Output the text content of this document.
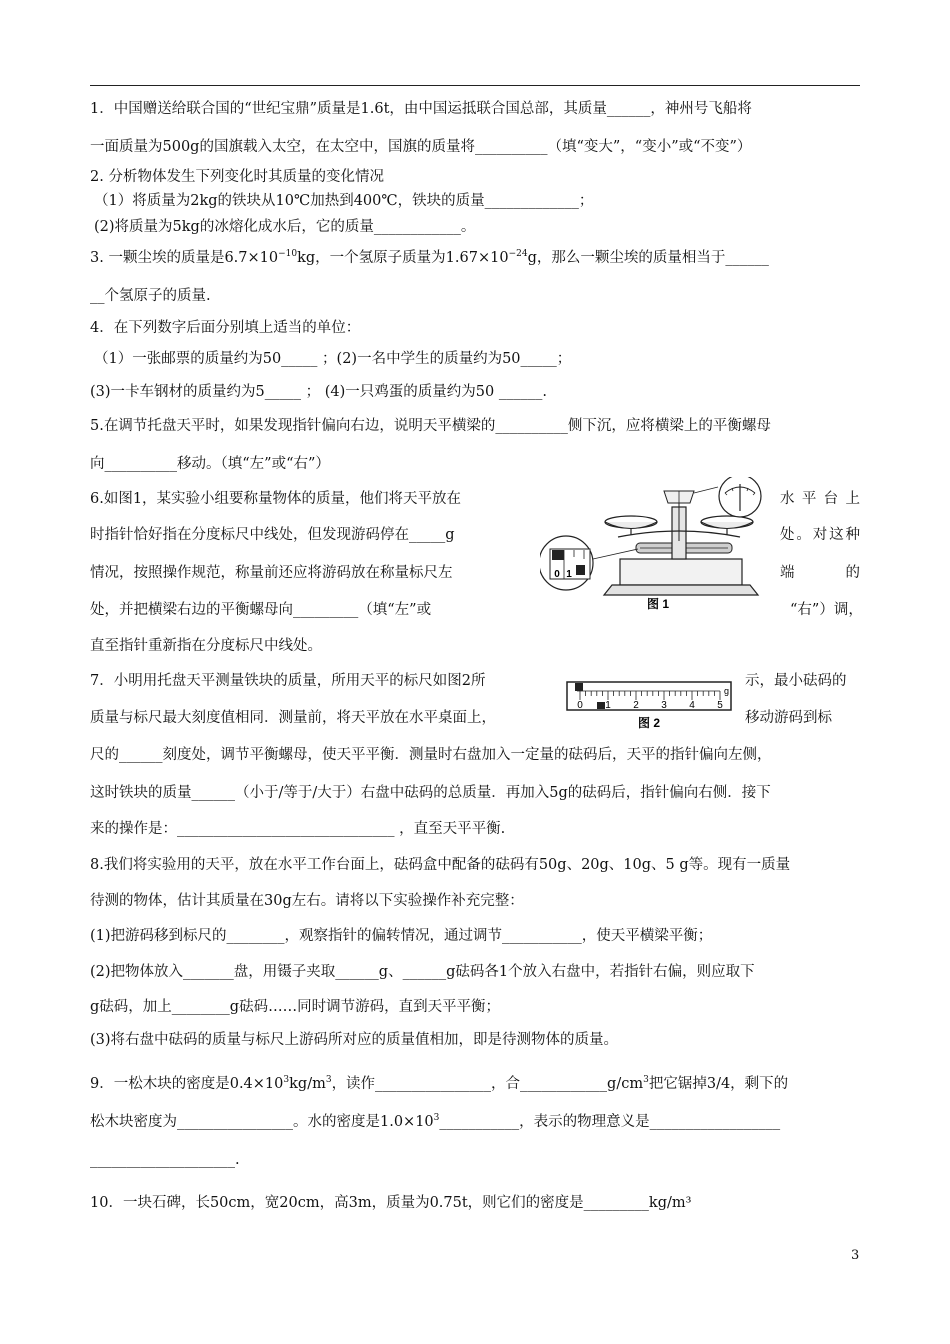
1．中国赠送给联合国的“世纪宝鼎”质量是1.6t，由中国运抵联合国总部，其质量______，神州号飞船将
一面质量为500g的国旗载入太空，在太空中，国旗的质量将__________（填“变大”，“变小”或“不变”）
2. 分析物体发生下列变化时其质量的变化情况
（1）将质量为2kg的铁块从10℃加热到400℃，铁块的质量_____________；
(2)将质量为5kg的冰熔化成水后，它的质量____________。
3. 一颗尘埃的质量是$6.7\times 10^{-10}kg$，一个氢原子质量为$1.67\times 10^{-24}g$，那么一颗尘埃的质量相当于______
__个氢原子的质量.
4．在下列数字后面分别填上适当的单位：
（1）一张邮票的质量约为50_____ ；(2)一名中学生的质量约为50_____；
(3)一卡车钢材的质量约为5_____ ； (4)一只鸡蛋的质量约为50 ______.
5.在调节托盘天平时，如果发现指针偏向右边，说明天平横梁的__________侧下沉，应将横梁上的平衡螺母
向__________移动。（填“左”或“右”）
6.如图1，某实验小组要称量物体的质量，他们将天平放在	水平台上
时指针恰好指在分度标尺中线处，但发现游码停在_____g	处。对这种
情况，按照操作规范，称量前还应将游码放在称量标尺左	端的
处，并把横梁右边的平衡螺母向_________（填“左”或	“右”）调，
直至指针重新指在分度标尺中线处。
0 1
图 1
7．小明用托盘天平测量铁块的质量，所用天平的标尺如图2所	示，最小砝码的
质量与标尺最大刻度值相同．测量前，将天平放在水平桌面上，	移动游码到标
0 1 2 3 4 5
g
图 2
尺的______刻度处，调节平衡螺母，使天平平衡．测量时右盘加入一定量的砝码后，天平的指针偏向左侧，
这时铁块的质量______（小于/等于/大于）右盘中砝码的总质量．再加入5g的砝码后，指针偏向右侧．接下
来的操作是：______________________________ ，直至天平平衡.
8.我们将实验用的天平，放在水平工作台面上，砝码盒中配备的砝码有50g、20g、10g、5 g等。现有一质量
待测的物体，估计其质量在30g左右。请将以下实验操作补充完整：
(1)把游码移到标尺的________，观察指针的偏转情况，通过调节___________，使天平横梁平衡；
(2)把物体放入_______盘，用镊子夹取______g、______g砝码各1个放入右盘中，若指针右偏，则应取下
g砝码，加上________g砝码……同时调节游码，直到天平平衡；
(3)将右盘中砝码的质量与标尺上游码所对应的质量值相加，即是待测物体的质量。
9．一松木块的密度是$0.4\times 10^3kg/m^3$，读作________________，合$\_\_\_\_\_\_\_\_\_\_\_\_g/cm^3$把它锯掉3/4，剩下的
松木块密度为________________。水的密度是$1.0\times 10^3\_\_\_\_\_\_\_\_\_\_\_$，表示的物理意义是__________________
____________________.
10．一块石碑，长50cm，宽20cm，高3m，质量为0.75t，则它们的密度是_________kg/m³
3
